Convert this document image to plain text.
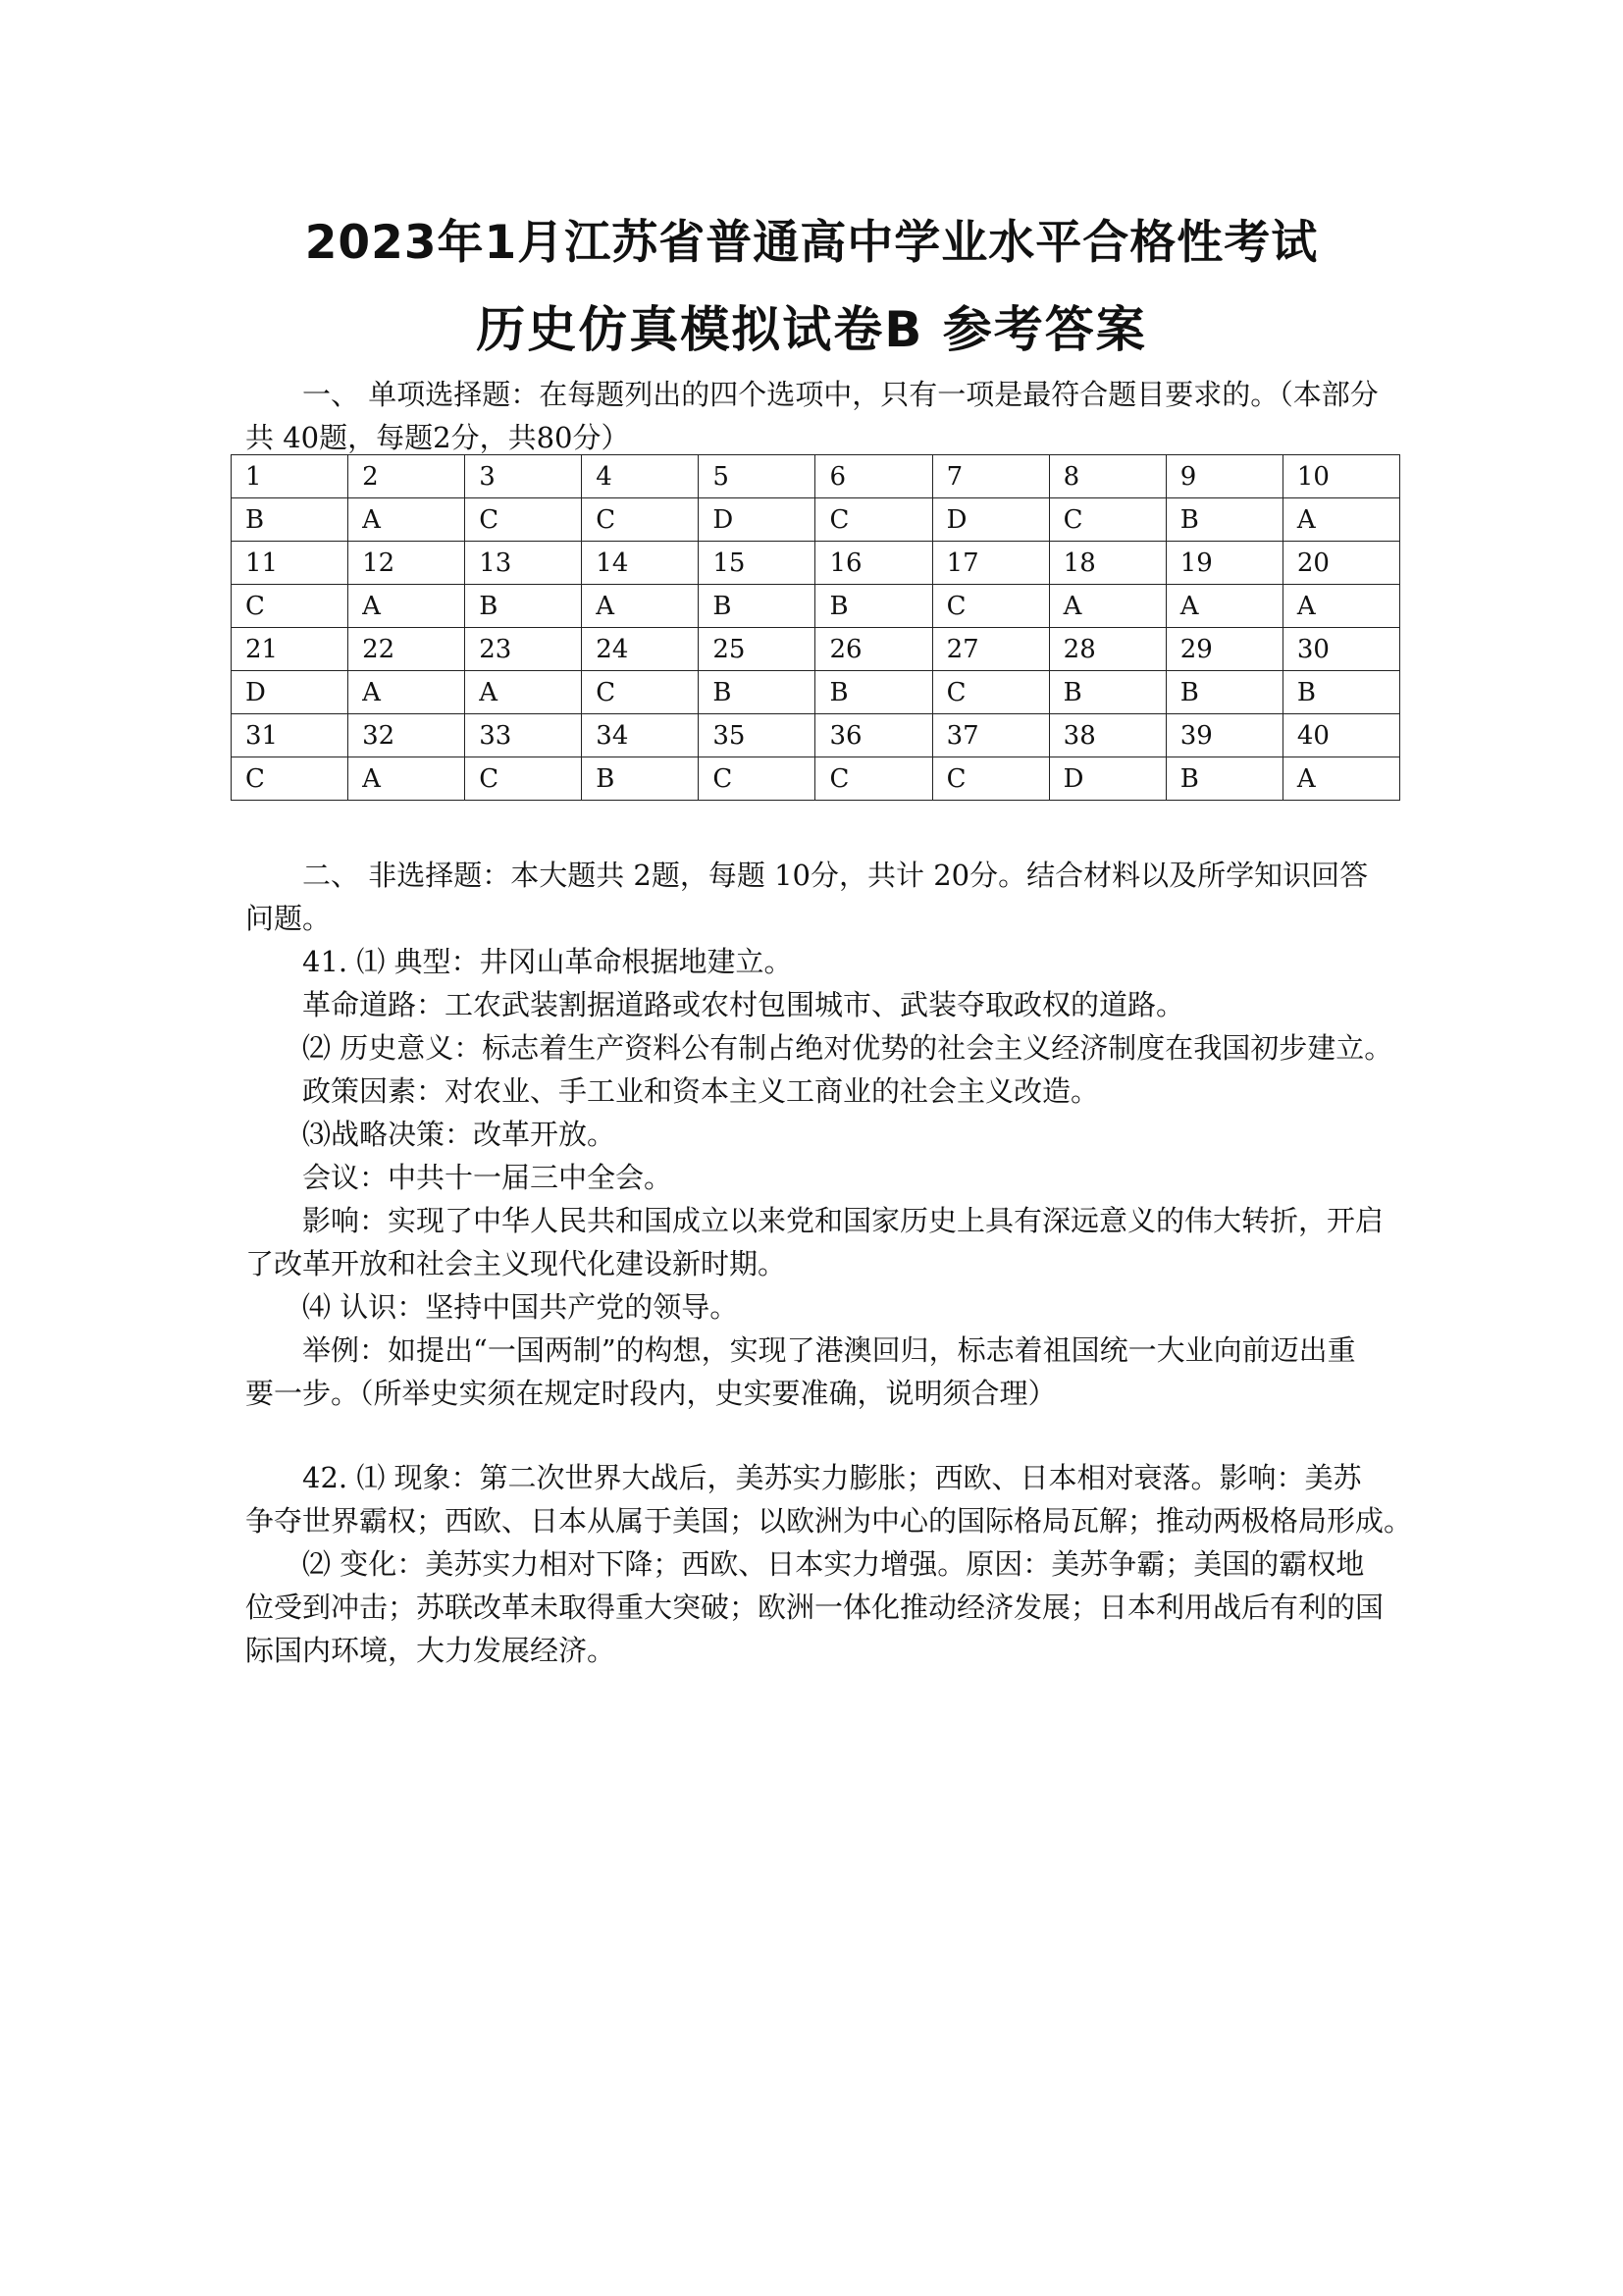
2023年1月江苏省普通高中学业水平合格性考试
历史仿真模拟试卷B 参考答案
一、 单项选择题：在每题列出的四个选项中，只有一项是最符合题目要求的。（本部分
共 40题，每题2分，共80分）
1	2	3	4	5	6	7	8	9	10
B	A	C	C	D	C	D	C	B	A
11	12	13	14	15	16	17	18	19	20
C	A	B	A	B	B	C	A	A	A
21	22	23	24	25	26	27	28	29	30
D	A	A	C	B	B	C	B	B	B
31	32	33	34	35	36	37	38	39	40
C	A	C	B	C	C	C	D	B	A
二、 非选择题：本大题共 2题，每题 10分，共计 20分。结合材料以及所学知识回答
问题。
41. ⑴ 典型：井冈山革命根据地建立。
革命道路：工农武装割据道路或农村包围城市、武装夺取政权的道路。
⑵ 历史意义：标志着生产资料公有制占绝对优势的社会主义经济制度在我国初步建立。
政策因素：对农业、手工业和资本主义工商业的社会主义改造。
⑶战略决策：改革开放。
会议：中共十一届三中全会。
影响：实现了中华人民共和国成立以来党和国家历史上具有深远意义的伟大转折，开启
了改革开放和社会主义现代化建设新时期。
⑷ 认识：坚持中国共产党的领导。
举例：如提出“一国两制”的构想，实现了港澳回归，标志着祖国统一大业向前迈出重
要一步。（所举史实须在规定时段内，史实要准确，说明须合理）
42. ⑴ 现象：第二次世界大战后，美苏实力膨胀；西欧、日本相对衰落。影响：美苏
争夺世界霸权；西欧、日本从属于美国；以欧洲为中心的国际格局瓦解；推动两极格局形成。
⑵ 变化：美苏实力相对下降；西欧、日本实力增强。原因：美苏争霸；美国的霸权地
位受到冲击；苏联改革未取得重大突破；欧洲一体化推动经济发展；日本利用战后有利的国
际国内环境，大力发展经济。
